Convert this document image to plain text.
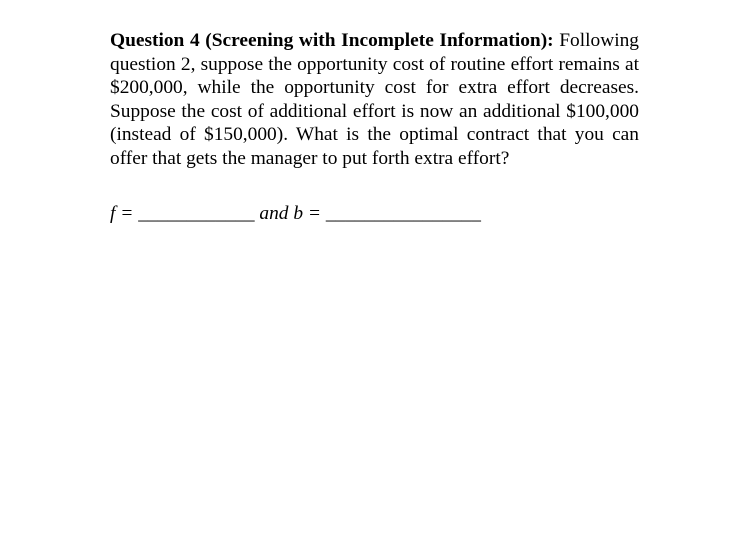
Question 4 (Screening with Incomplete Information): Following question 2, suppose the opportunity cost of routine effort remains at $200,000, while the opportunity cost for extra effort decreases. Suppose the cost of additional effort is now an additional $100,000 (instead of $150,000). What is the optimal contract that you can offer that gets the manager to put forth extra effort?
f = ____________ and b = ________________
